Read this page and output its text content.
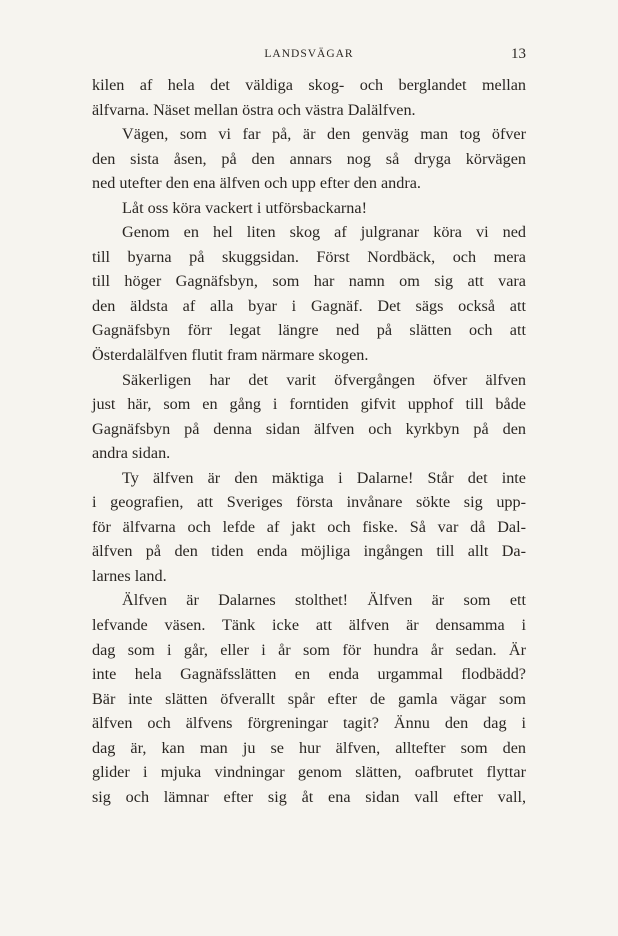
LANDSVÄGAR	13

kilen af hela det väldiga skog- och berglandet mellan

älfvarna. Näset mellan östra och västra Dalälfven.

Vägen, som vi far på, är den genväg man tog öfver

den sista åsen, på den annars nog så dryga körvägen

ned utefter den ena älfven och upp efter den andra.

Låt oss köra vackert i utförsbackarna!

Genom en hel liten skog af julgranar köra vi ned

till byarna på skuggsidan. Först Nordbäck, och mera

till höger Gagnäfsbyn, som har namn om sig att vara

den äldsta af alla byar i Gagnäf. Det sägs också att

Gagnäfsbyn förr legat längre ned på slätten och att

Österdalälfven flutit fram närmare skogen.

Säkerligen har det varit öfvergången öfver älfven

just här, som en gång i forntiden gifvit upphof till både

Gagnäfsbyn på denna sidan älfven och kyrkbyn på den

andra sidan.

Ty älfven är den mäktiga i Dalarne! Står det inte

i geografien, att Sveriges första invånare sökte sig upp-

för älfvarna och lefde af jakt och fiske. Så var då Dal-

älfven på den tiden enda möjliga ingången till allt Da-

larnes land.

Älfven är Dalarnes stolthet! Älfven är som ett

lefvande väsen. Tänk icke att älfven är densamma i

dag som i går, eller i år som för hundra år sedan. Är

inte hela Gagnäfsslätten en enda urgammal flodbädd?

Bär inte slätten öfverallt spår efter de gamla vägar som

älfven och älfvens förgreningar tagit? Ännu den dag i

dag är, kan man ju se hur älfven, alltefter som den

glider i mjuka vindningar genom slätten, oafbrutet flyttar

sig och lämnar efter sig åt ena sidan vall efter vall,
